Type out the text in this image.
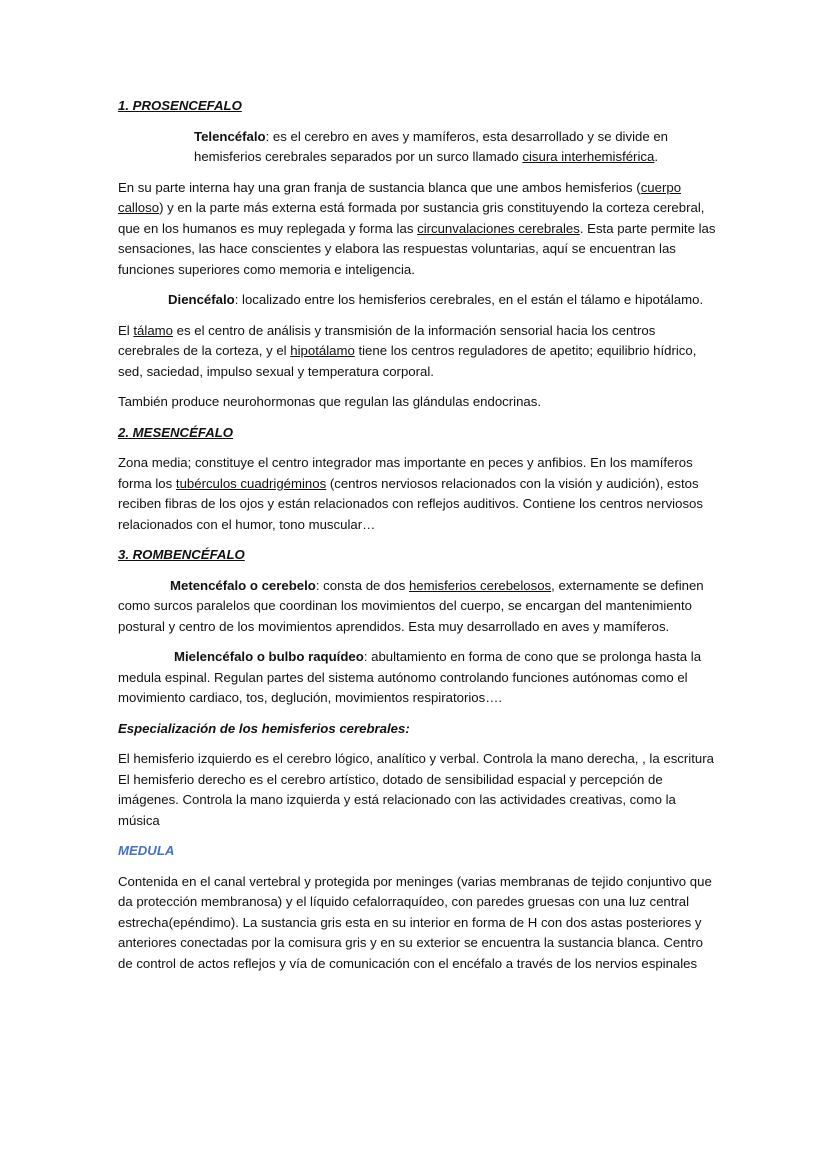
1. PROSENCEFALO

Telencéfalo: es el cerebro en aves y mamíferos, esta desarrollado y se divide en hemisferios cerebrales separados por un surco llamado cisura interhemisférica.

En su parte interna hay una gran franja de sustancia blanca que une ambos hemisferios (cuerpo calloso) y en la parte más externa está formada por sustancia gris constituyendo la corteza cerebral, que en los humanos es muy replegada y forma las circunvalaciones cerebrales. Esta parte permite las sensaciones, las hace conscientes y elabora las respuestas voluntarias, aquí se encuentran las funciones superiores como memoria e inteligencia.

Diencéfalo: localizado entre los hemisferios cerebrales, en el están el tálamo e hipotálamo.

El tálamo es el centro de análisis y transmisión de la información sensorial hacia los centros cerebrales de la corteza, y el hipotálamo tiene los centros reguladores de apetito; equilibrio hídrico, sed, saciedad, impulso sexual y temperatura corporal.

También produce neurohormonas que regulan las glándulas endocrinas.

2. MESENCÉFALO

Zona media; constituye el centro integrador mas importante en peces y anfibios. En los mamíferos forma los tubérculos cuadrigéminos (centros nerviosos relacionados con la visión y audición), estos reciben fibras de los ojos y están relacionados con reflejos auditivos. Contiene los centros nerviosos relacionados con el humor, tono muscular…

3. ROMBENCÉFALO

Metencéfalo o cerebelo: consta de dos hemisferios cerebelosos, externamente se definen como surcos paralelos que coordinan los movimientos del cuerpo, se encargan del mantenimiento postural y centro de los movimientos aprendidos. Esta muy desarrollado en aves y mamíferos.

Mielencéfalo o bulbo raquídeo: abultamiento en forma de cono que se prolonga hasta la medula espinal. Regulan partes del sistema autónomo controlando funciones autónomas como el movimiento cardiaco, tos, deglución, movimientos respiratorios….

Especialización de los hemisferios cerebrales:

El hemisferio izquierdo es el cerebro lógico, analítico y verbal. Controla la mano derecha, , la escritura El hemisferio derecho es el cerebro artístico, dotado de sensibilidad espacial y percepción de imágenes. Controla la mano izquierda y está relacionado con las actividades creativas, como la música

MEDULA

Contenida en el canal vertebral y protegida por meninges (varias membranas de tejido conjuntivo que da protección membranosa) y el líquido cefalorraquídeo, con paredes gruesas con una luz central estrecha(epéndimo). La sustancia gris esta en su interior en forma de H con dos astas posteriores y anteriores conectadas por la comisura gris y en su exterior se encuentra la sustancia blanca. Centro de control de actos reflejos y vía de comunicación con el encéfalo a través de los nervios espinales
